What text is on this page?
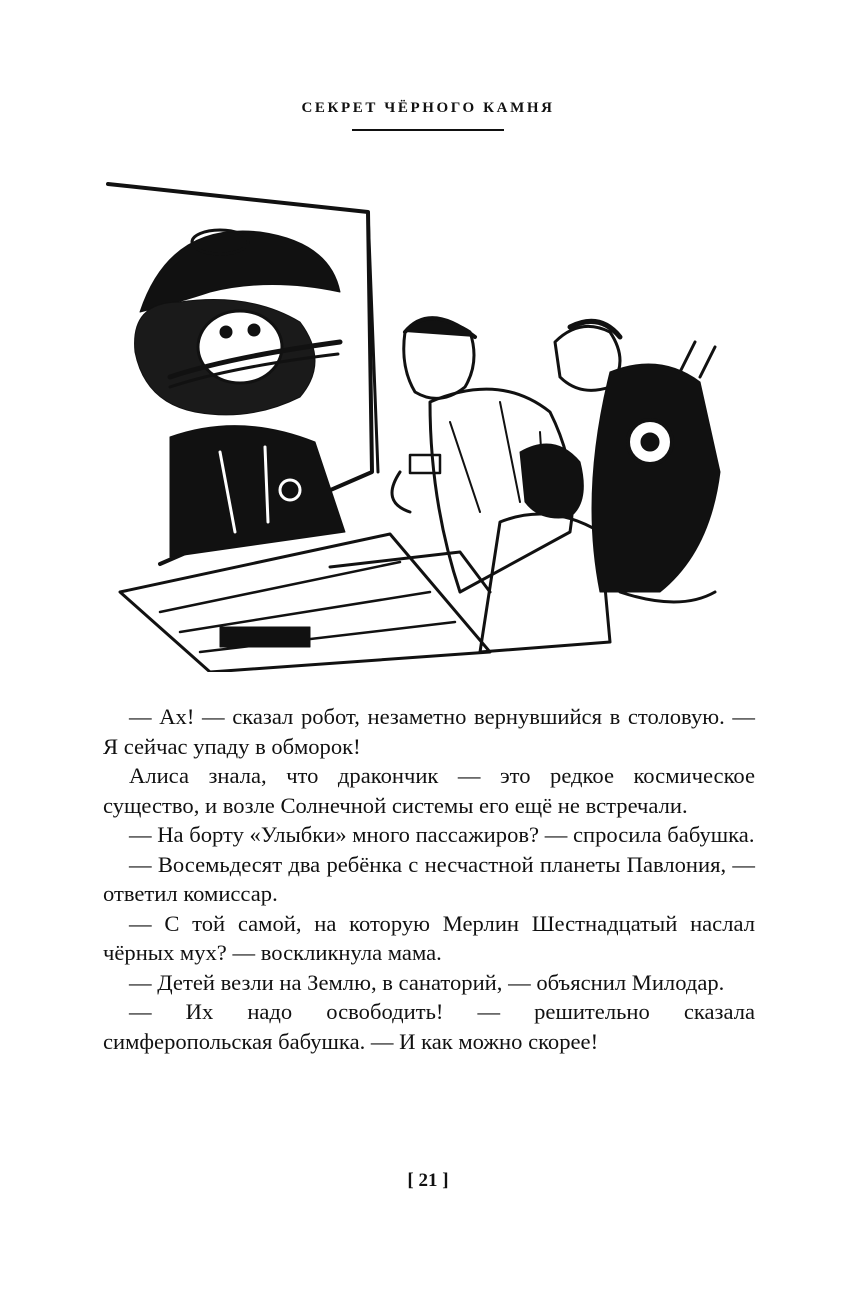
СЕКРЕТ ЧЁРНОГО КАМНЯ

— Ах! — сказал робот, незаметно вернувшийся в столовую. — Я сейчас упаду в обморок!

Алиса знала, что дракончик — это редкое космическое существо, и возле Солнечной системы его ещё не встречали.

— На борту «Улыбки» много пассажиров? — спросила бабушка.

— Восемьдесят два ребёнка с несчастной планеты Павлония, — ответил комиссар.

— С той самой, на которую Мерлин Шестнадцатый наслал чёрных мух? — воскликнула мама.

— Детей везли на Землю, в санаторий, — объяснил Милодар.

— Их надо освободить! — решительно сказала симферопольская бабушка. — И как можно скорее!

[ 21 ]
